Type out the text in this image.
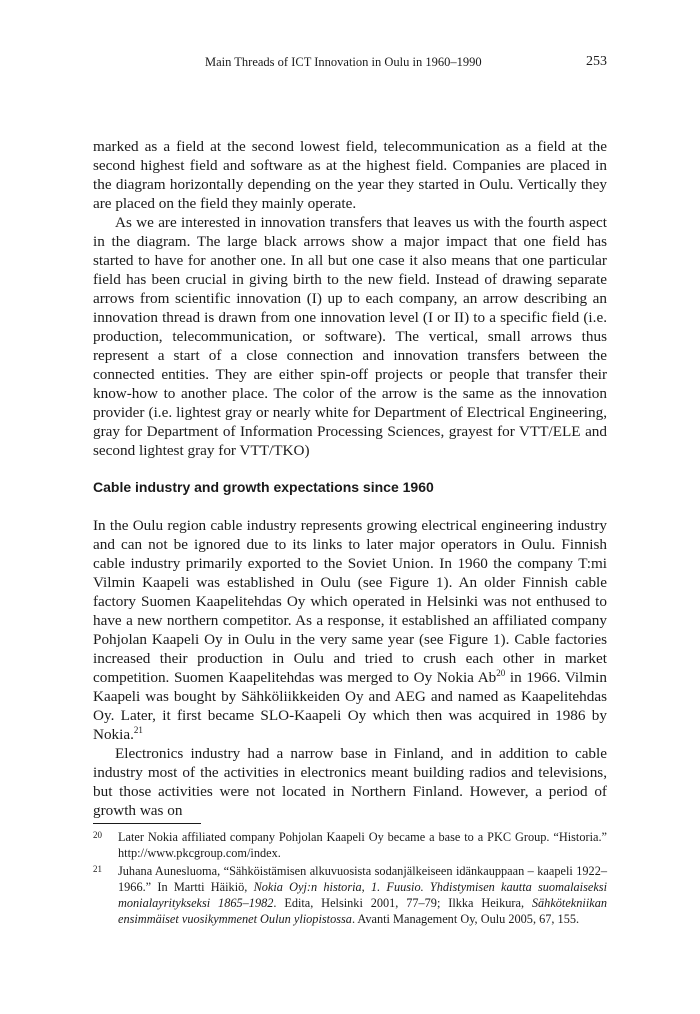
Main Threads of ICT Innovation in Oulu in 1960–1990	253

marked as a field at the second lowest field, telecommunication as a field at the second highest field and software as at the highest field. Companies are placed in the diagram horizontally depending on the year they started in Oulu. Vertically they are placed on the field they mainly operate.

As we are interested in innovation transfers that leaves us with the fourth aspect in the diagram. The large black arrows show a major impact that one field has started to have for another one. In all but one case it also means that one particular field has been crucial in giving birth to the new field. Instead of drawing separate arrows from scientific innovation (I) up to each company, an arrow describing an innovation thread is drawn from one innovation level (I or II) to a specific field (i.e. production, telecommunication, or software). The vertical, small arrows thus represent a start of a close connection and innovation transfers between the connected entities. They are either spin-off projects or people that transfer their know-how to another place. The color of the arrow is the same as the innovation provider (i.e. lightest gray or nearly white for Department of Electrical Engineering, gray for Department of Information Processing Sciences, grayest for VTT/ELE and second lightest gray for VTT/TKO)

Cable industry and growth expectations since 1960

In the Oulu region cable industry represents growing electrical engineering industry and can not be ignored due to its links to later major operators in Oulu. Finnish cable industry primarily exported to the Soviet Union. In 1960 the company T:mi Vilmin Kaapeli was established in Oulu (see Figure 1). An older Finnish cable factory Suomen Kaapelitehdas Oy which operated in Helsinki was not enthused to have a new northern competitor. As a response, it established an affiliated company Pohjolan Kaapeli Oy in Oulu in the very same year (see Figure 1). Cable factories increased their production in Oulu and tried to crush each other in market competition. Suomen Kaapelitehdas was merged to Oy Nokia Ab$^{20}$ in 1966. Vilmin Kaapeli was bought by Sähköliikkeiden Oy and AEG and named as Kaapelitehdas Oy. Later, it first became SLO-Kaapeli Oy which then was acquired in 1986 by Nokia.$^{21}$

Electronics industry had a narrow base in Finland, and in addition to cable industry most of the activities in electronics meant building radios and televisions, but those activities were not located in Northern Finland. However, a period of growth was on

20 Later Nokia affiliated company Pohjolan Kaapeli Oy became a base to a PKC Group. “Historia.” http://www.pkcgroup.com/index.
21 Juhana Aunesluoma, “Sähköistämisen alkuvuosista sodanjälkeiseen idänkauppaan – kaapeli 1922–1966.” In Martti Häikiö, Nokia Oyj:n historia, 1. Fuusio. Yhdistymisen kautta suomalaiseksi monialayritykseksi 1865–1982. Edita, Helsinki 2001, 77–79; Ilkka Heikura, Sähkötekniikan ensimmäiset vuosikymmenet Oulun yliopistossa. Avanti Management Oy, Oulu 2005, 67, 155.
